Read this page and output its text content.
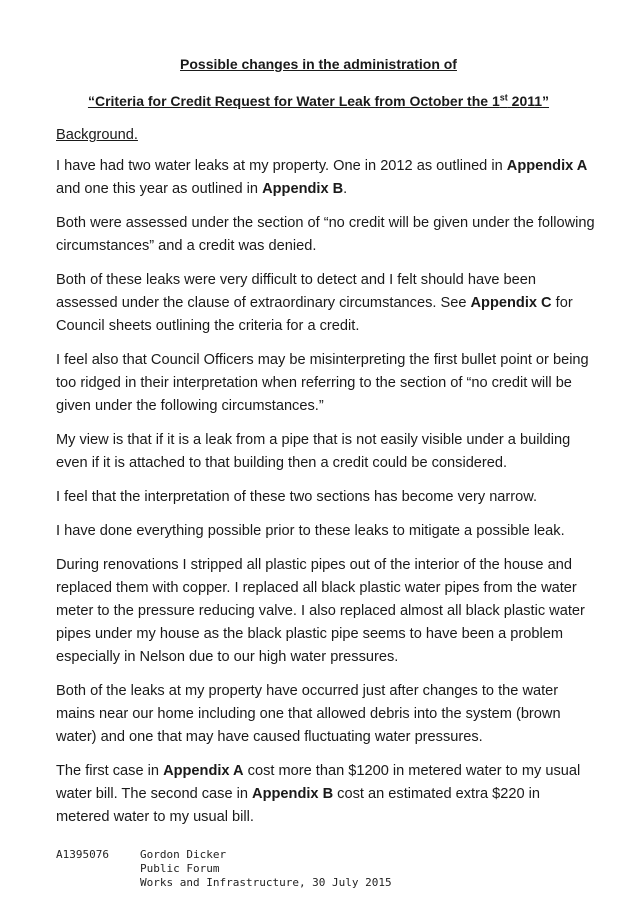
Possible changes in the administration of
“Criteria for Credit Request for Water Leak from October the 1st 2011”

Background.

I have had two water leaks at my property. One in 2012 as outlined in Appendix A and one this year as outlined in Appendix B.

Both were assessed under the section of “no credit will be given under the following circumstances” and a credit was denied.

Both of these leaks were very difficult to detect and I felt should have been assessed under the clause of extraordinary circumstances. See Appendix C for Council sheets outlining the criteria for a credit.

I feel also that Council Officers may be misinterpreting the first bullet point or being too ridged in their interpretation when referring to the section of “no credit will be given under the following circumstances.”

My view is that if it is a leak from a pipe that is not easily visible under a building even if it is attached to that building then a credit could be considered.

I feel that the interpretation of these two sections has become very narrow.

I have done everything possible prior to these leaks to mitigate a possible leak.

During renovations I stripped all plastic pipes out of the interior of the house and replaced them with copper. I replaced all black plastic water pipes from the water meter to the pressure reducing valve. I also replaced almost all black plastic water pipes under my house as the black plastic pipe seems to have been a problem especially in Nelson due to our high water pressures.

Both of the leaks at my property have occurred just after changes to the water mains near our home including one that allowed debris into the system (brown water) and one that may have caused fluctuating water pressures.

The first case in Appendix A cost more than $1200 in metered water to my usual water bill. The second case in Appendix B cost an estimated extra $220 in metered water to my usual bill.

A1395076	Gordon Dicker
Public Forum
Works and Infrastructure, 30 July 2015
